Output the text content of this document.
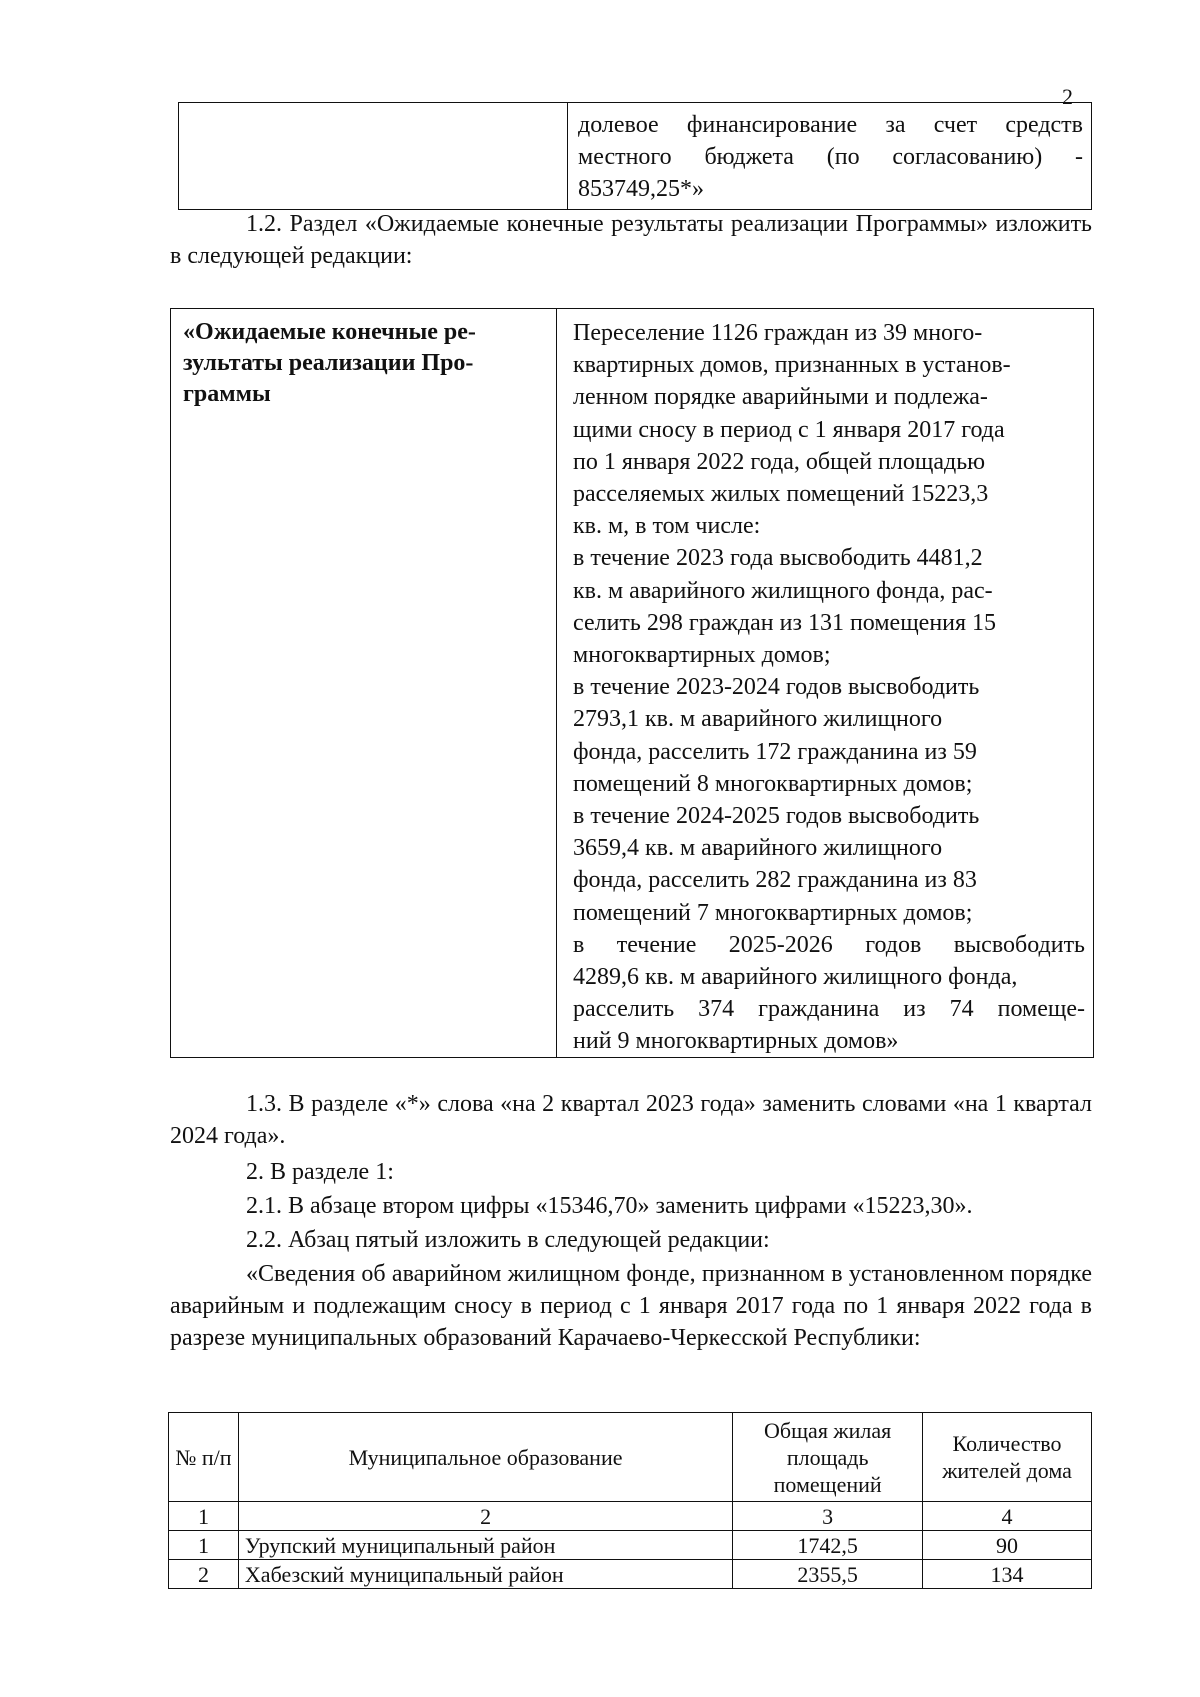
2
долевое финансирование за счет средств
местного бюджета (по согласованию) -
853749,25*»
1.2. Раздел «Ожидаемые конечные результаты реализации Программы» изложить в следующей редакции:
«Ожидаемые конечные ре-
зультаты реализации Про-
граммы
Переселение 1126 граждан из 39 много-
квартирных домов, признанных в установ-
ленном порядке аварийными и подлежа-
щими сносу в период с 1 января 2017 года
по 1 января 2022 года, общей площадью
расселяемых жилых помещений 15223,3
кв. м, в том числе:
в течение 2023 года высвободить 4481,2
кв. м аварийного жилищного фонда, рас-
селить 298 граждан из 131 помещения 15
многоквартирных домов;
в течение 2023-2024 годов высвободить
2793,1 кв. м аварийного жилищного
фонда, расселить 172 гражданина из 59
помещений 8 многоквартирных домов;
в течение 2024-2025 годов высвободить
3659,4 кв. м аварийного жилищного
фонда, расселить 282 гражданина из 83
помещений 7 многоквартирных домов;
в течение 2025-2026 годов высвободить
4289,6 кв. м аварийного жилищного фонда,
расселить 374 гражданина из 74 помеще-
ний 9 многоквартирных домов»
1.3. В разделе «*» слова «на 2 квартал 2023 года» заменить словами «на 1 квартал 2024 года».
2. В разделе 1:
2.1. В абзаце втором цифры «15346,70» заменить цифрами «15223,30».
2.2. Абзац пятый изложить в следующей редакции:
«Сведения об аварийном жилищном фонде, признанном в установленном порядке аварийным и подлежащим сносу в период с 1 января 2017 года по 1 января 2022 года в разрезе муниципальных образований Карачаево-Черкесской Республики:
№ п/п	Муниципальное образование	Общая жилая площадь помещений	Количество жителей дома
1	2	3	4
1	Урупский муниципальный район	1742,5	90
2	Хабезский муниципальный район	2355,5	134
